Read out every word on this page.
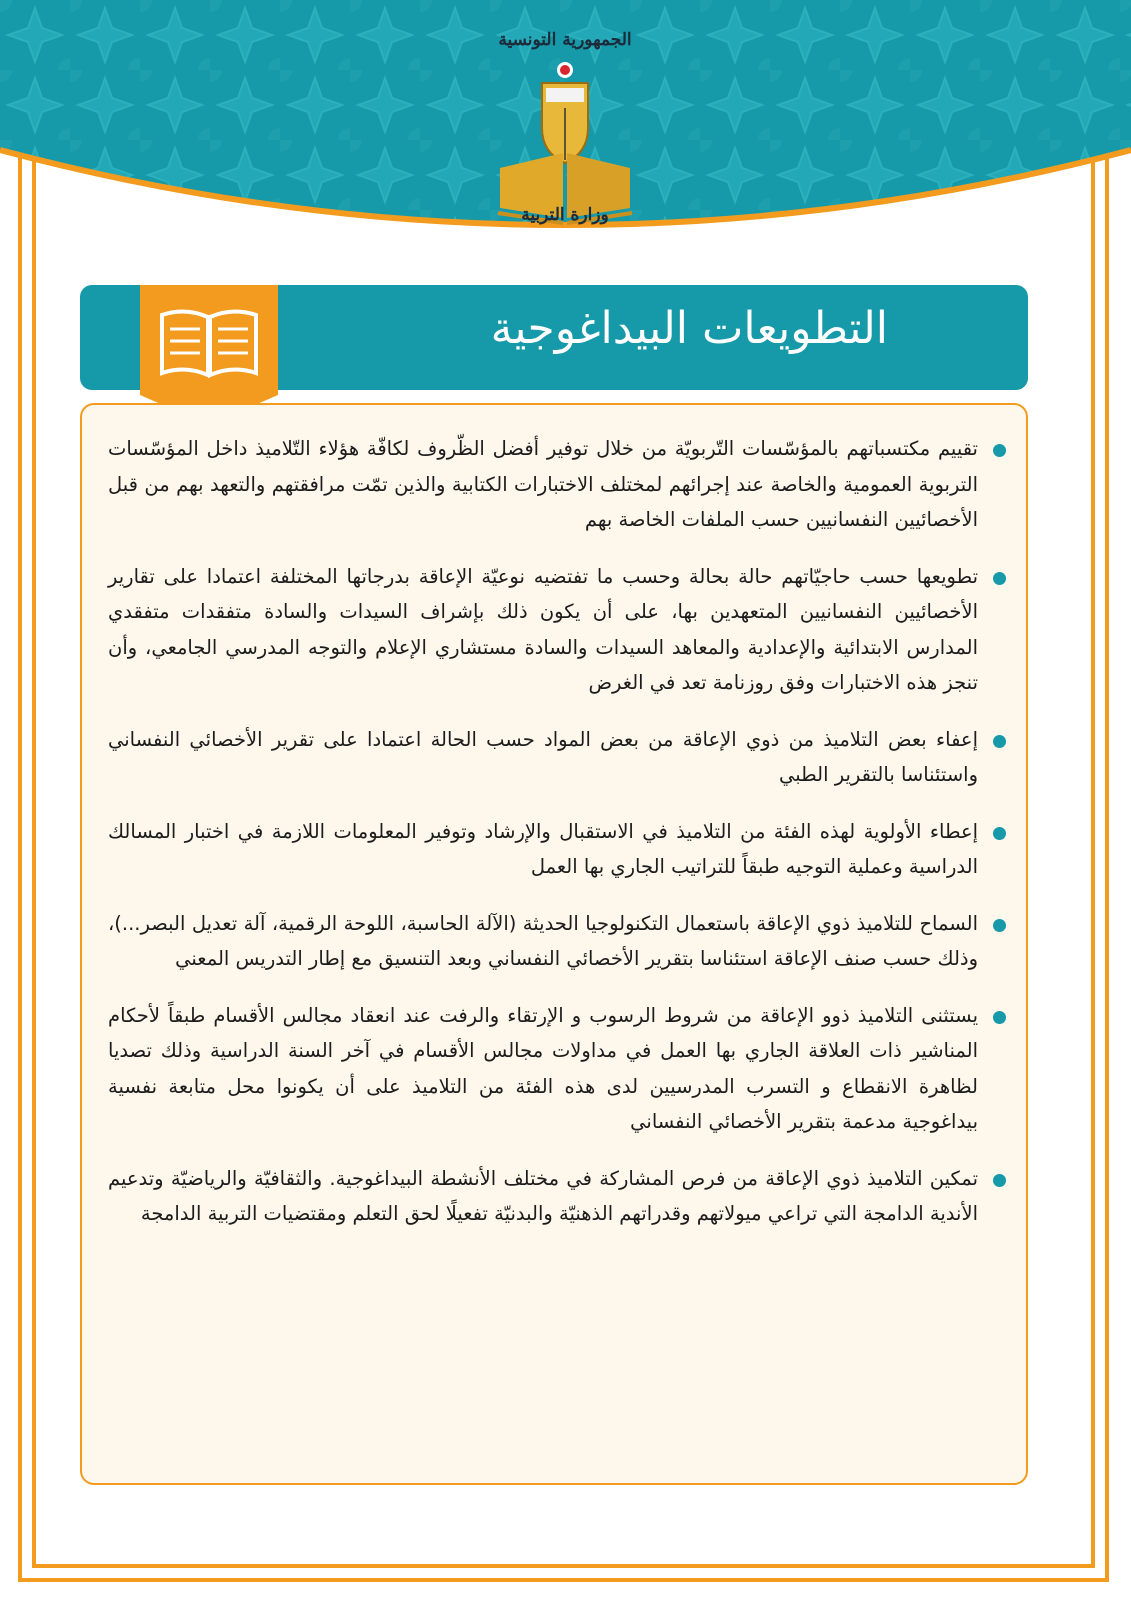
الجمهورية التونسية
وزارة التربية
التطويعات البيداغوجية
تقييم مكتسباتهم بالمؤسّسات التّربويّة من خلال توفير أفضل الظّروف لكافّة هؤلاء التّلاميذ داخل المؤسّسات التربوية العمومية والخاصة عند إجرائهم لمختلف الاختبارات الكتابية والذين تمّت مرافقتهم والتعهد بهم من قبل الأخصائيين النفسانيين حسب الملفات الخاصة بهم
تطويعها حسب حاجيّاتهم حالة بحالة وحسب ما تفتضيه نوعيّة الإعاقة بدرجاتها المختلفة اعتمادا على تقارير الأخصائيين النفسانيين المتعهدين بها، على أن يكون ذلك بإشراف السيدات والسادة متفقدات متفقدي المدارس الابتدائية والإعدادية والمعاهد السيدات والسادة مستشاري الإعلام والتوجه المدرسي الجامعي، وأن تنجز هذه الاختبارات وفق روزنامة تعد في الغرض
إعفاء بعض التلاميذ من ذوي الإعاقة من بعض المواد حسب الحالة اعتمادا على تقرير الأخصائي النفساني واستئناسا بالتقرير الطبي
إعطاء الأولوية لهذه الفئة من التلاميذ في الاستقبال والإرشاد وتوفير المعلومات اللازمة في اختبار المسالك الدراسية وعملية التوجيه طبقاً للتراتيب الجاري بها العمل
السماح للتلاميذ ذوي الإعاقة باستعمال التكنولوجيا الحديثة (الآلة الحاسبة، اللوحة الرقمية، آلة تعديل البصر...)، وذلك حسب صنف الإعاقة استئناسا بتقرير الأخصائي النفساني وبعد التنسيق مع إطار التدريس المعني
يستثنى التلاميذ ذوو الإعاقة من شروط الرسوب و الإرتقاء والرفت عند انعقاد مجالس الأقسام طبقاً لأحكام المناشير ذات العلاقة الجاري بها العمل في مداولات مجالس الأقسام في آخر السنة الدراسية وذلك تصديا لظاهرة الانقطاع و التسرب المدرسيين لدى هذه الفئة من التلاميذ على أن يكونوا محل متابعة نفسية بيداغوجية مدعمة بتقرير الأخصائي النفساني
تمكين التلاميذ ذوي الإعاقة من فرص المشاركة في مختلف الأنشطة البيداغوجية. والثقافيّة والرياضيّة وتدعيم الأندية الدامجة التي تراعي ميولاتهم وقدراتهم الذهنيّة والبدنيّة تفعيلًا لحق التعلم ومقتضيات التربية الدامجة
